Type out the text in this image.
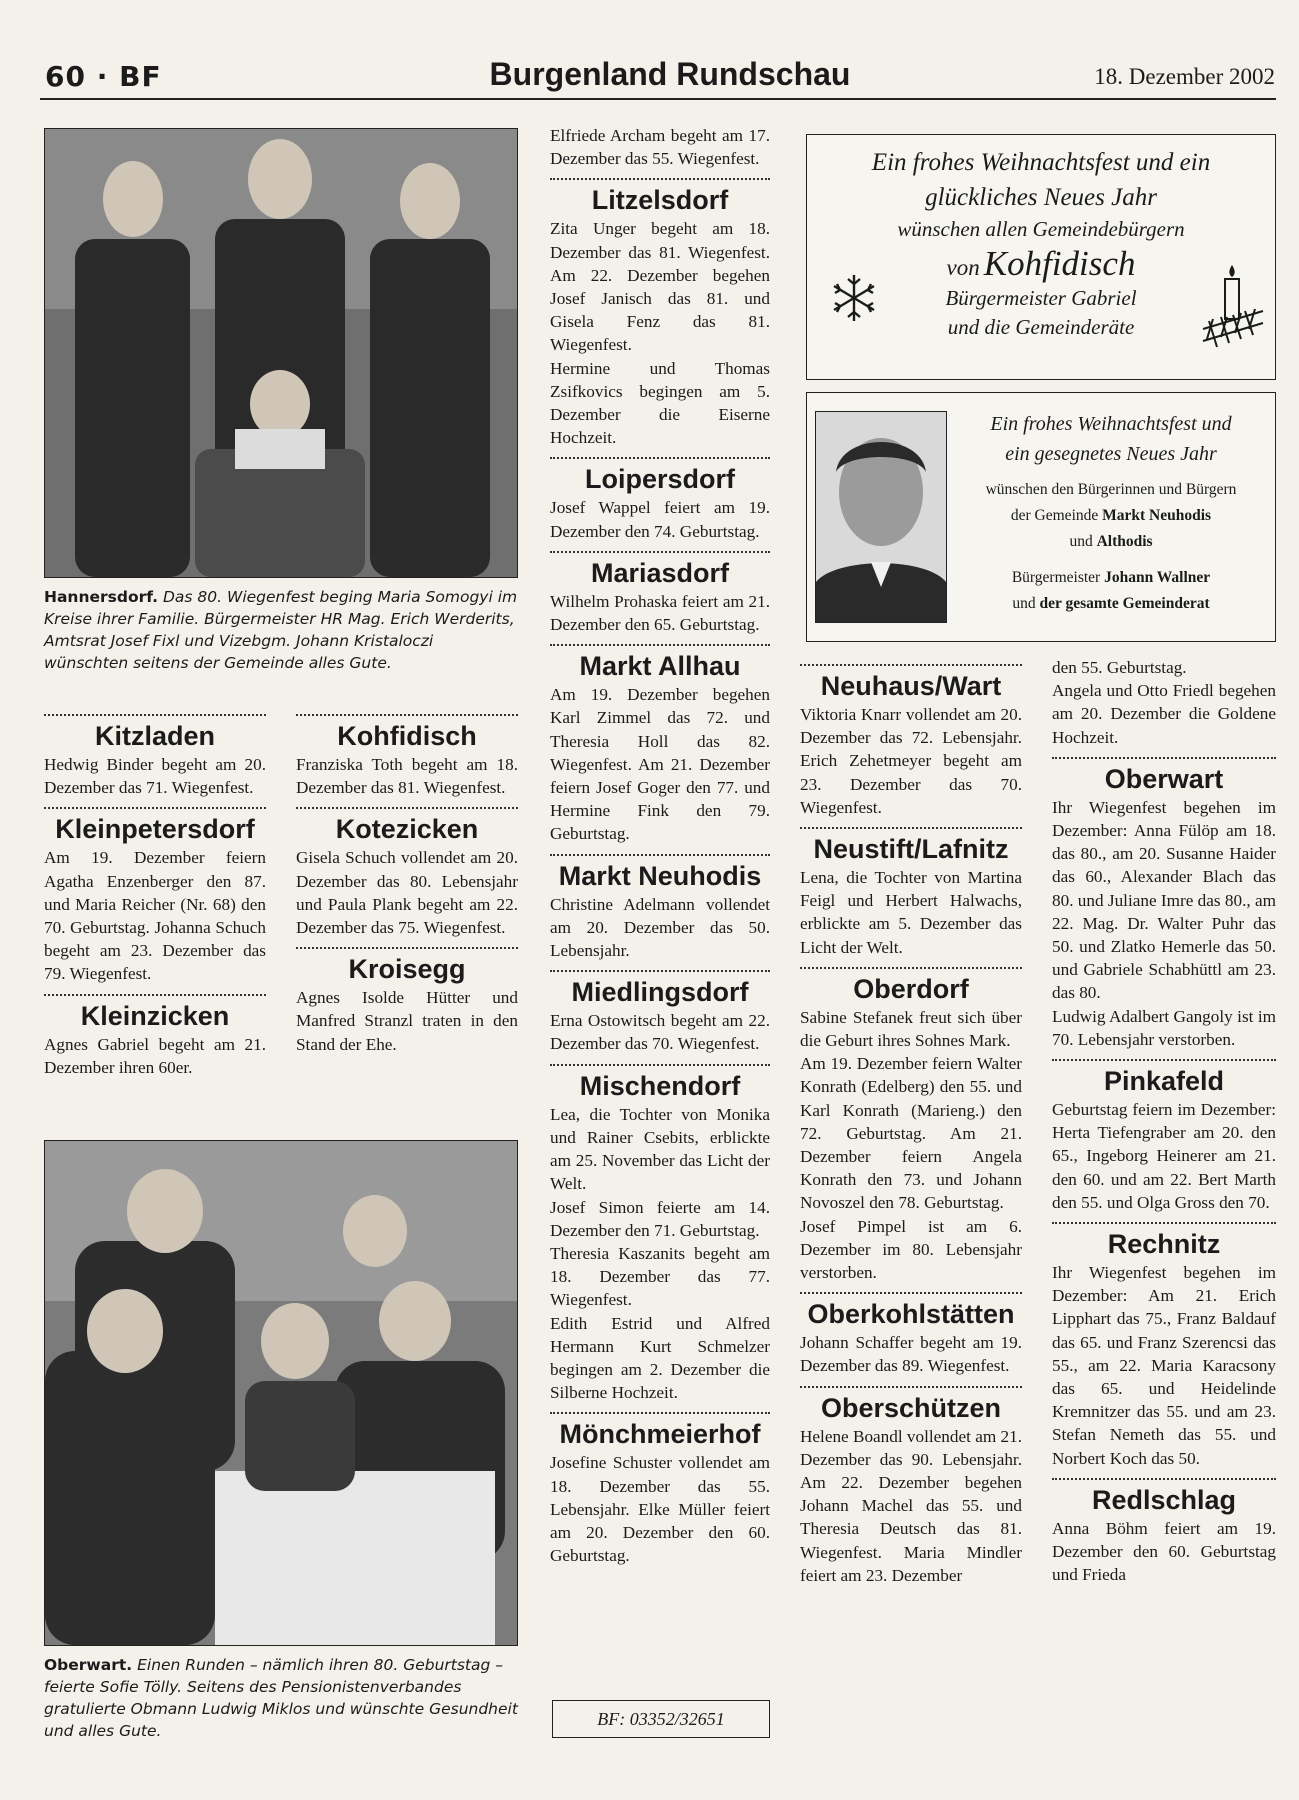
60 · BF	Burgenland Rundschau	18. Dezember 2002
Hannersdorf. Das 80. Wiegenfest beging Maria Somogyi im Kreise ihrer Familie. Bürgermeister HR Mag. Erich Werderits, Amtsrat Josef Fixl und Vizebgm. Johann Kristaloczi wünschten seitens der Gemeinde alles Gute.
Kitzladen

Hedwig Binder begeht am 20. Dezember das 71. Wiegenfest.

Kleinpetersdorf

Am 19. Dezember feiern Agatha Enzenberger den 87. und Maria Reicher (Nr. 68) den 70. Geburtstag. Johanna Schuch begeht am 23. Dezember das 79. Wiegenfest.

Kleinzicken

Agnes Gabriel begeht am 21. Dezember ihren 60er.

Kohfidisch

Franziska Toth begeht am 18. Dezember das 81. Wiegenfest.

Kotezicken

Gisela Schuch vollendet am 20. Dezember das 80. Lebensjahr und Paula Plank begeht am 22. Dezember das 75. Wiegenfest.

Kroisegg

Agnes Isolde Hütter und Manfred Stranzl traten in den Stand der Ehe.

Oberwart. Einen Runden – nämlich ihren 80. Geburtstag – feierte Sofie Tölly. Seitens des Pensionistenverbandes gratulierte Obmann Ludwig Miklos und wünschte Gesundheit und alles Gute.

Elfriede Archam begeht am 17. Dezember das 55. Wiegenfest.

Litzelsdorf

Zita Unger begeht am 18. Dezember das 81. Wiegenfest. Am 22. Dezember begehen Josef Janisch das 81. und Gisela Fenz das 81. Wiegenfest.

Hermine und Thomas Zsifkovics begingen am 5. Dezember die Eiserne Hochzeit.

Loipersdorf

Josef Wappel feiert am 19. Dezember den 74. Geburtstag.

Mariasdorf

Wilhelm Prohaska feiert am 21. Dezember den 65. Geburtstag.

Markt Allhau

Am 19. Dezember begehen Karl Zimmel das 72. und Theresia Holl das 82. Wiegenfest. Am 21. Dezember feiern Josef Goger den 77. und Hermine Fink den 79. Geburtstag.

Markt Neuhodis

Christine Adelmann vollendet am 20. Dezember das 50. Lebensjahr.

Miedlingsdorf

Erna Ostowitsch begeht am 22. Dezember das 70. Wiegenfest.

Mischendorf

Lea, die Tochter von Monika und Rainer Csebits, erblickte am 25. November das Licht der Welt.

Josef Simon feierte am 14. Dezember den 71. Geburtstag.

Theresia Kaszanits begeht am 18. Dezember das 77. Wiegenfest.

Edith Estrid und Alfred Hermann Kurt Schmelzer begingen am 2. Dezember die Silberne Hochzeit.

Mönchmeierhof

Josefine Schuster vollendet am 18. Dezember das 55. Lebensjahr. Elke Müller feiert am 20. Dezember den 60. Geburtstag.

BF: 03352/32651
Ein frohes Weihnachtsfest und ein
glückliches Neues Jahr
wünschen allen Gemeindebürgern
von Kohfidisch
Bürgermeister Gabriel
und die Gemeinderäte
Ein frohes Weihnachtsfest und
ein gesegnetes Neues Jahr
wünschen den Bürgerinnen und Bürgern
der Gemeinde Markt Neuhodis
und Althodis
Bürgermeister Johann Wallner
und der gesamte Gemeinderat
Neuhaus/Wart

Viktoria Knarr vollendet am 20. Dezember das 72. Lebensjahr. Erich Zehetmeyer begeht am 23. Dezember das 70. Wiegenfest.

Neustift/Lafnitz

Lena, die Tochter von Martina Feigl und Herbert Halwachs, erblickte am 5. Dezember das Licht der Welt.

Oberdorf

Sabine Stefanek freut sich über die Geburt ihres Sohnes Mark.

Am 19. Dezember feiern Walter Konrath (Edelberg) den 55. und Karl Konrath (Marieng.) den 72. Geburtstag. Am 21. Dezember feiern Angela Konrath den 73. und Johann Novoszel den 78. Geburtstag.

Josef Pimpel ist am 6. Dezember im 80. Lebensjahr verstorben.

Oberkohlstätten

Johann Schaffer begeht am 19. Dezember das 89. Wiegenfest.

Oberschützen

Helene Boandl vollendet am 21. Dezember das 90. Lebensjahr. Am 22. Dezember begehen Johann Machel das 55. und Theresia Deutsch das 81. Wiegenfest. Maria Mindler feiert am 23. Dezember

den 55. Geburtstag.

Angela und Otto Friedl begehen am 20. Dezember die Goldene Hochzeit.

Oberwart

Ihr Wiegenfest begehen im Dezember: Anna Fülöp am 18. das 80., am 20. Susanne Haider das 60., Alexander Blach das 80. und Juliane Imre das 80., am 22. Mag. Dr. Walter Puhr das 50. und Zlatko Hemerle das 50. und Gabriele Schabhüttl am 23. das 80.

Ludwig Adalbert Gangoly ist im 70. Lebensjahr verstorben.

Pinkafeld

Geburtstag feiern im Dezember: Herta Tiefengraber am 20. den 65., Ingeborg Heinerer am 21. den 60. und am 22. Bert Marth den 55. und Olga Gross den 70.

Rechnitz

Ihr Wiegenfest begehen im Dezember: Am 21. Erich Lipphart das 75., Franz Baldauf das 65. und Franz Szerencsi das 55., am 22. Maria Karacsony das 65. und Heidelinde Kremnitzer das 55. und am 23. Stefan Nemeth das 55. und Norbert Koch das 50.

Redlschlag

Anna Böhm feiert am 19. Dezember den 60. Geburtstag und Frieda
